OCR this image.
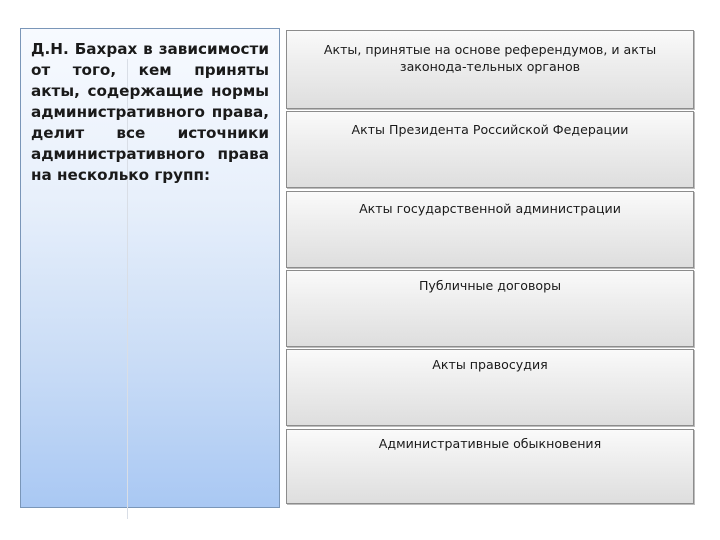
Д.Н. Бахрах в зависимости от того, кем приняты акты, содержащие нормы административного права, делит все источники административного права на несколько групп:

Акты, принятые на основе референдумов, и акты законода-тельных органов
Акты Президента Российской Федерации
Акты государственной администрации
Публичные договоры
Акты правосудия
Административные обыкновения
